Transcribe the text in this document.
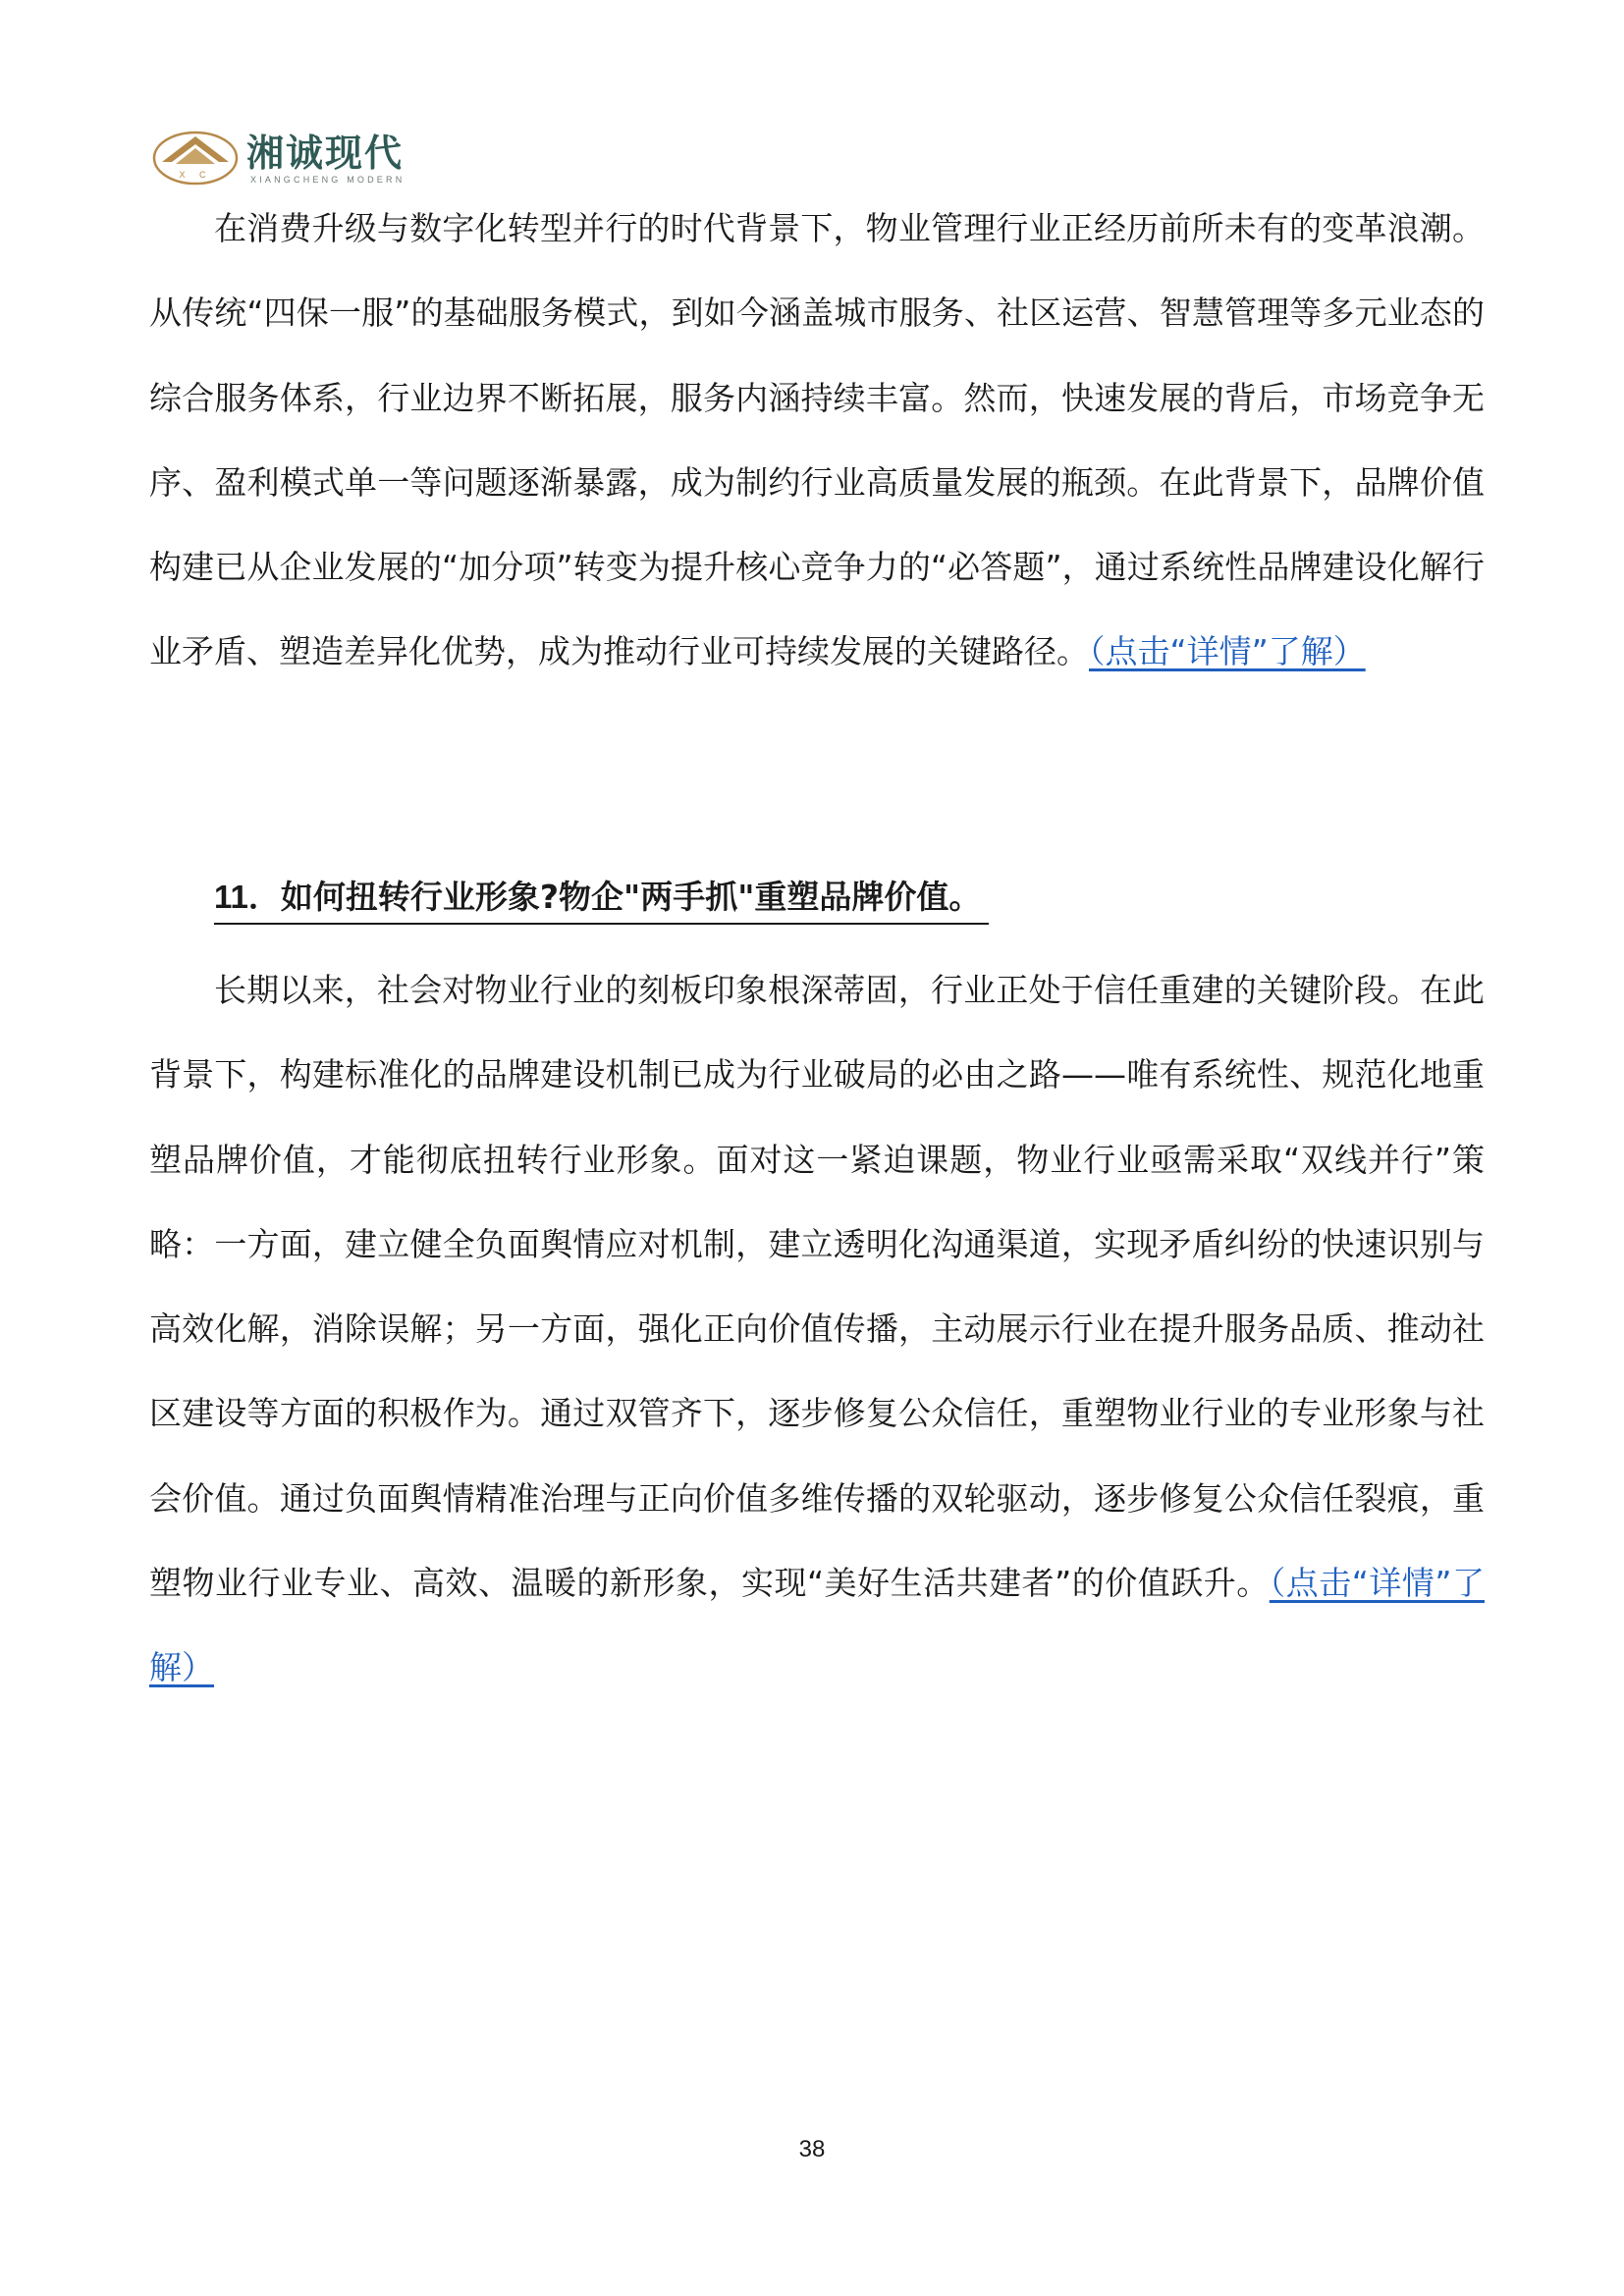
X C
湘诚现代
XIANGCHENG MODERN

在消费升级与数字化转型并行的时代背景下，物业管理行业正经历前所未有的变革浪潮。从传统“四保一服”的基础服务模式，到如今涵盖城市服务、社区运营、智慧管理等多元业态的综合服务体系，行业边界不断拓展，服务内涵持续丰富。然而，快速发展的背后，市场竞争无序、盈利模式单一等问题逐渐暴露，成为制约行业高质量发展的瓶颈。在此背景下，品牌价值构建已从企业发展的“加分项”转变为提升核心竞争力的“必答题”，通过系统性品牌建设化解行业矛盾、塑造差异化优势，成为推动行业可持续发展的关键路径。（点击“详情”了解）

11．如何扭转行业形象?物企"两手抓"重塑品牌价值。

长期以来，社会对物业行业的刻板印象根深蒂固，行业正处于信任重建的关键阶段。在此背景下，构建标准化的品牌建设机制已成为行业破局的必由之路——唯有系统性、规范化地重塑品牌价值，才能彻底扭转行业形象。面对这一紧迫课题，物业行业亟需采取“双线并行”策略：一方面，建立健全负面舆情应对机制，建立透明化沟通渠道，实现矛盾纠纷的快速识别与高效化解，消除误解；另一方面，强化正向价值传播，主动展示行业在提升服务品质、推动社区建设等方面的积极作为。通过双管齐下，逐步修复公众信任，重塑物业行业的专业形象与社会价值。通过负面舆情精准治理与正向价值多维传播的双轮驱动，逐步修复公众信任裂痕，重塑物业行业专业、高效、温暖的新形象，实现“美好生活共建者”的价值跃升。（点击“详情”了解）

38
